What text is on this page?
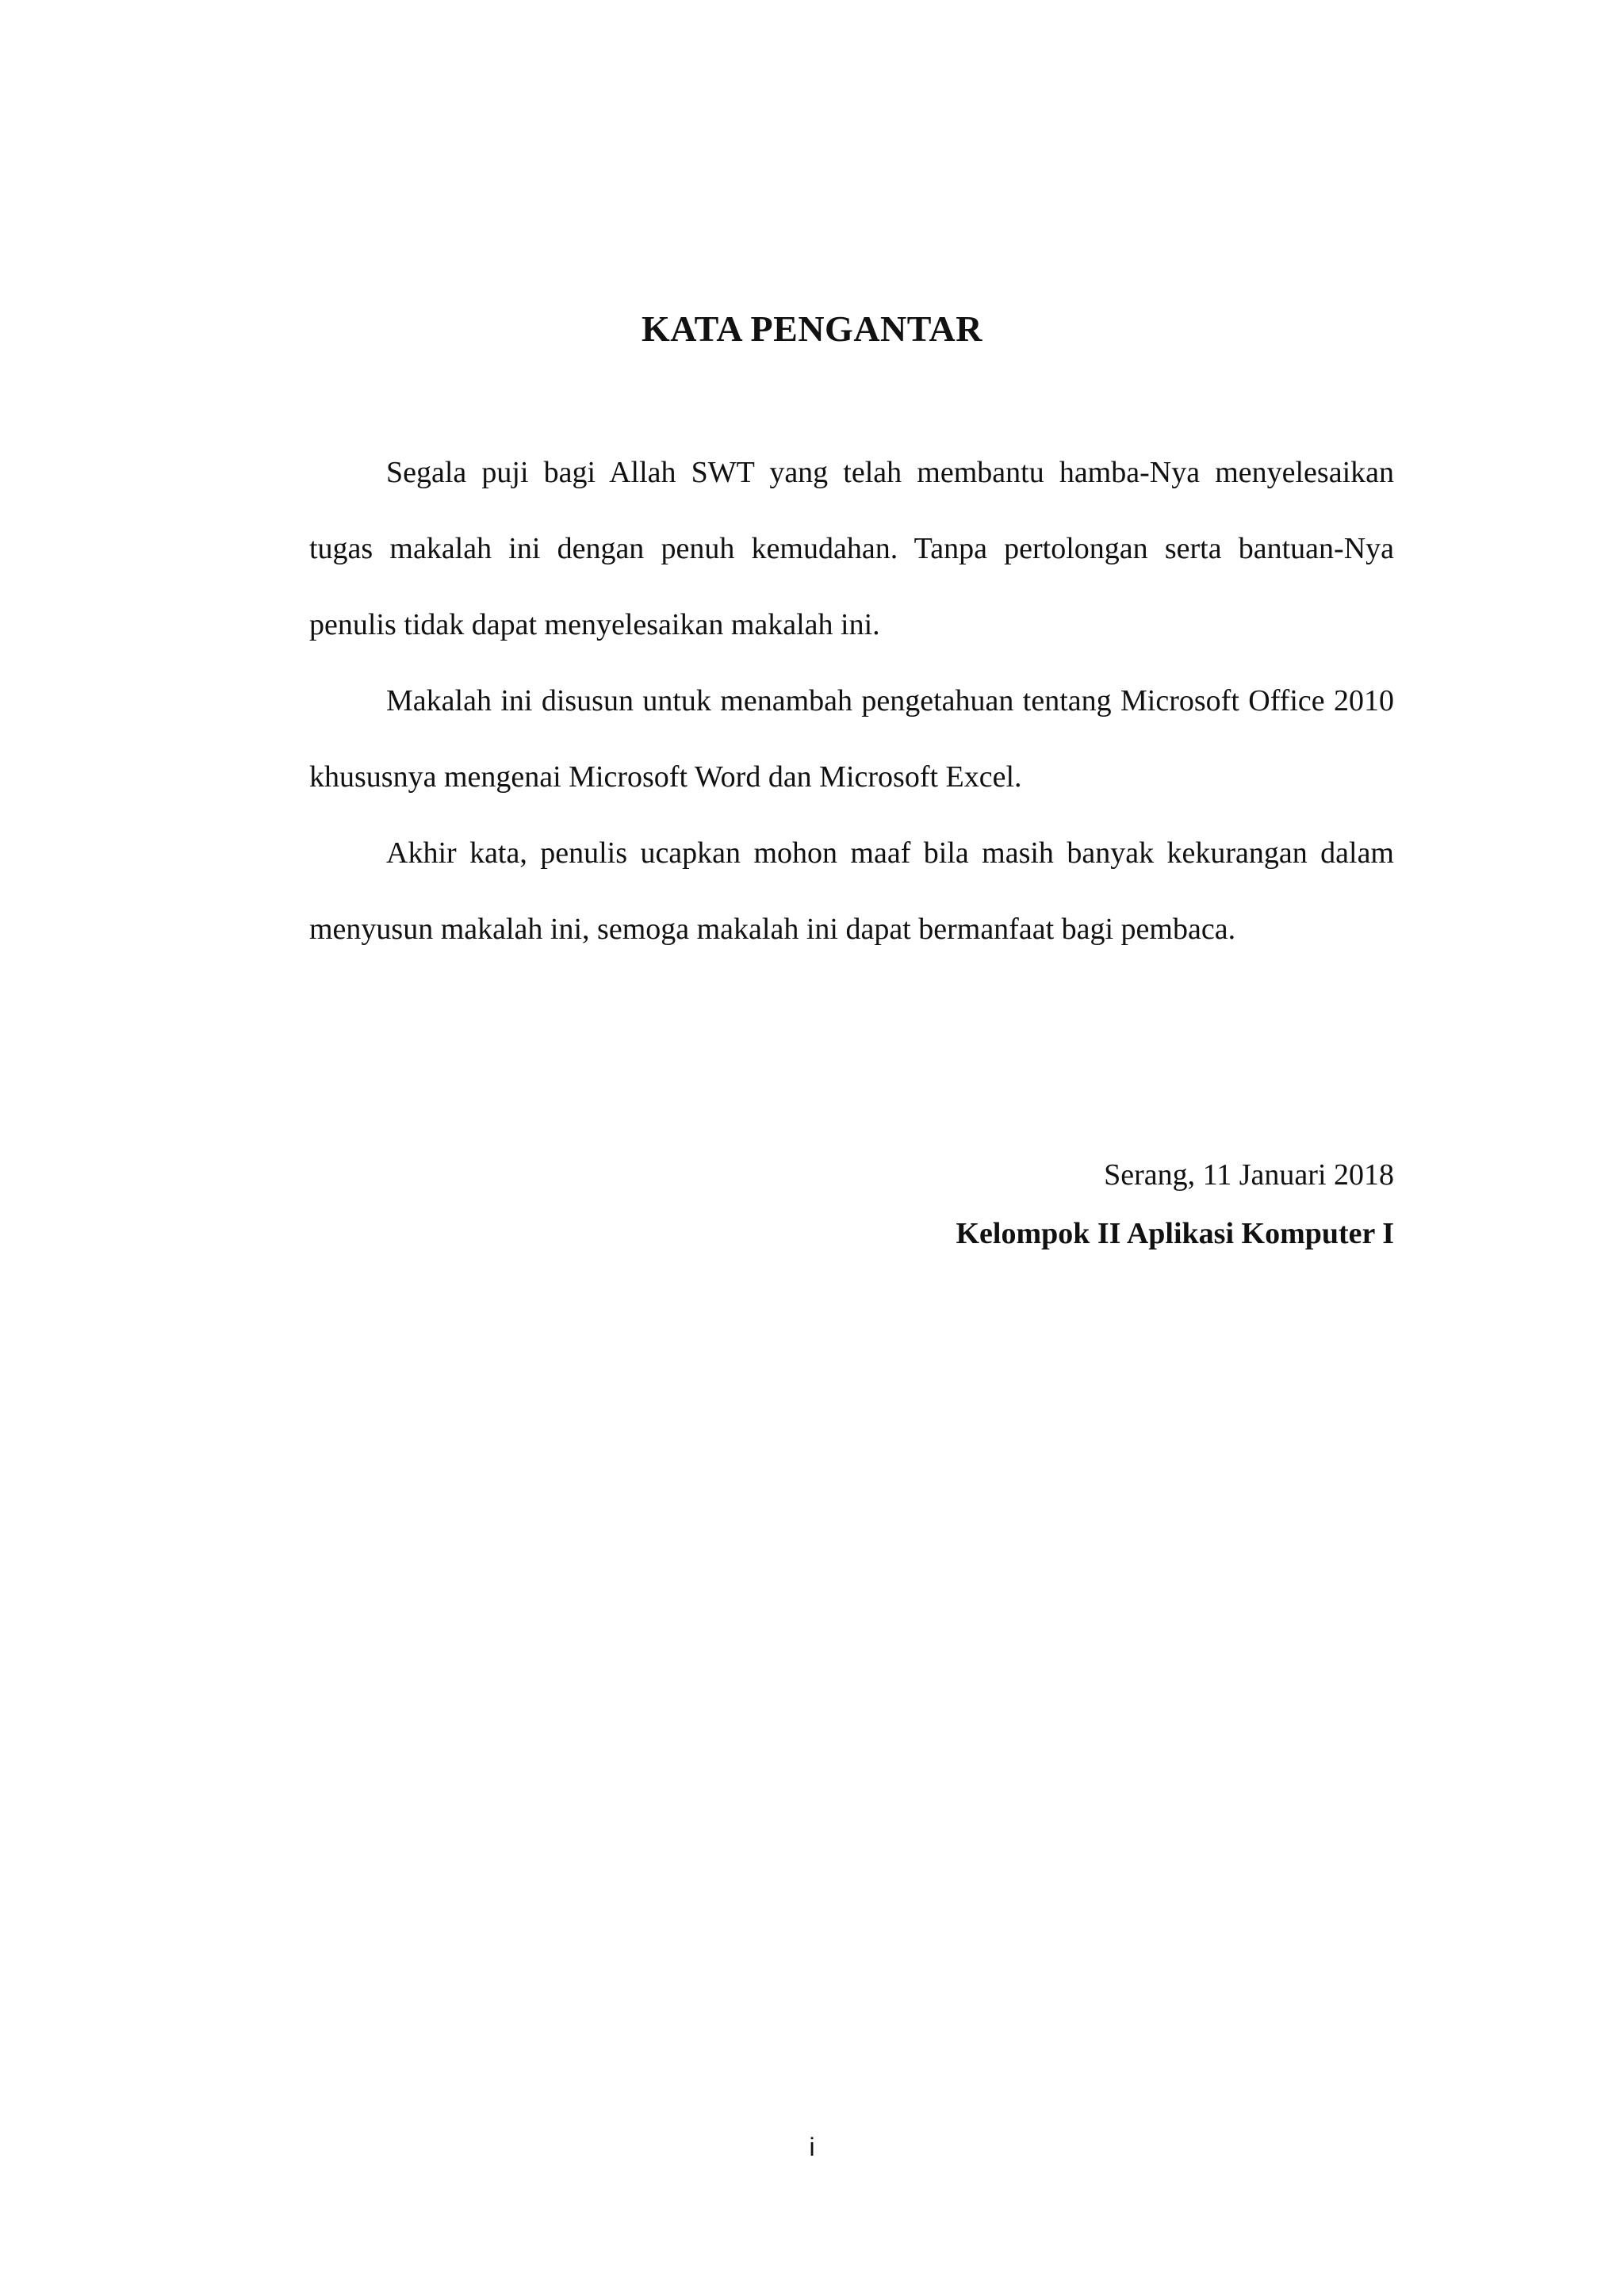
KATA PENGANTAR

Segala puji bagi Allah SWT yang telah membantu hamba-Nya menyelesaikan tugas makalah ini dengan penuh kemudahan. Tanpa pertolongan serta bantuan-Nya penulis tidak dapat menyelesaikan makalah ini.

Makalah ini disusun untuk menambah pengetahuan tentang Microsoft Office 2010 khususnya mengenai Microsoft Word dan Microsoft Excel.

Akhir kata, penulis ucapkan mohon maaf bila masih banyak kekurangan dalam menyusun makalah ini, semoga makalah ini dapat bermanfaat bagi pembaca.

Serang, 11 Januari 2018
Kelompok II Aplikasi Komputer I
i
